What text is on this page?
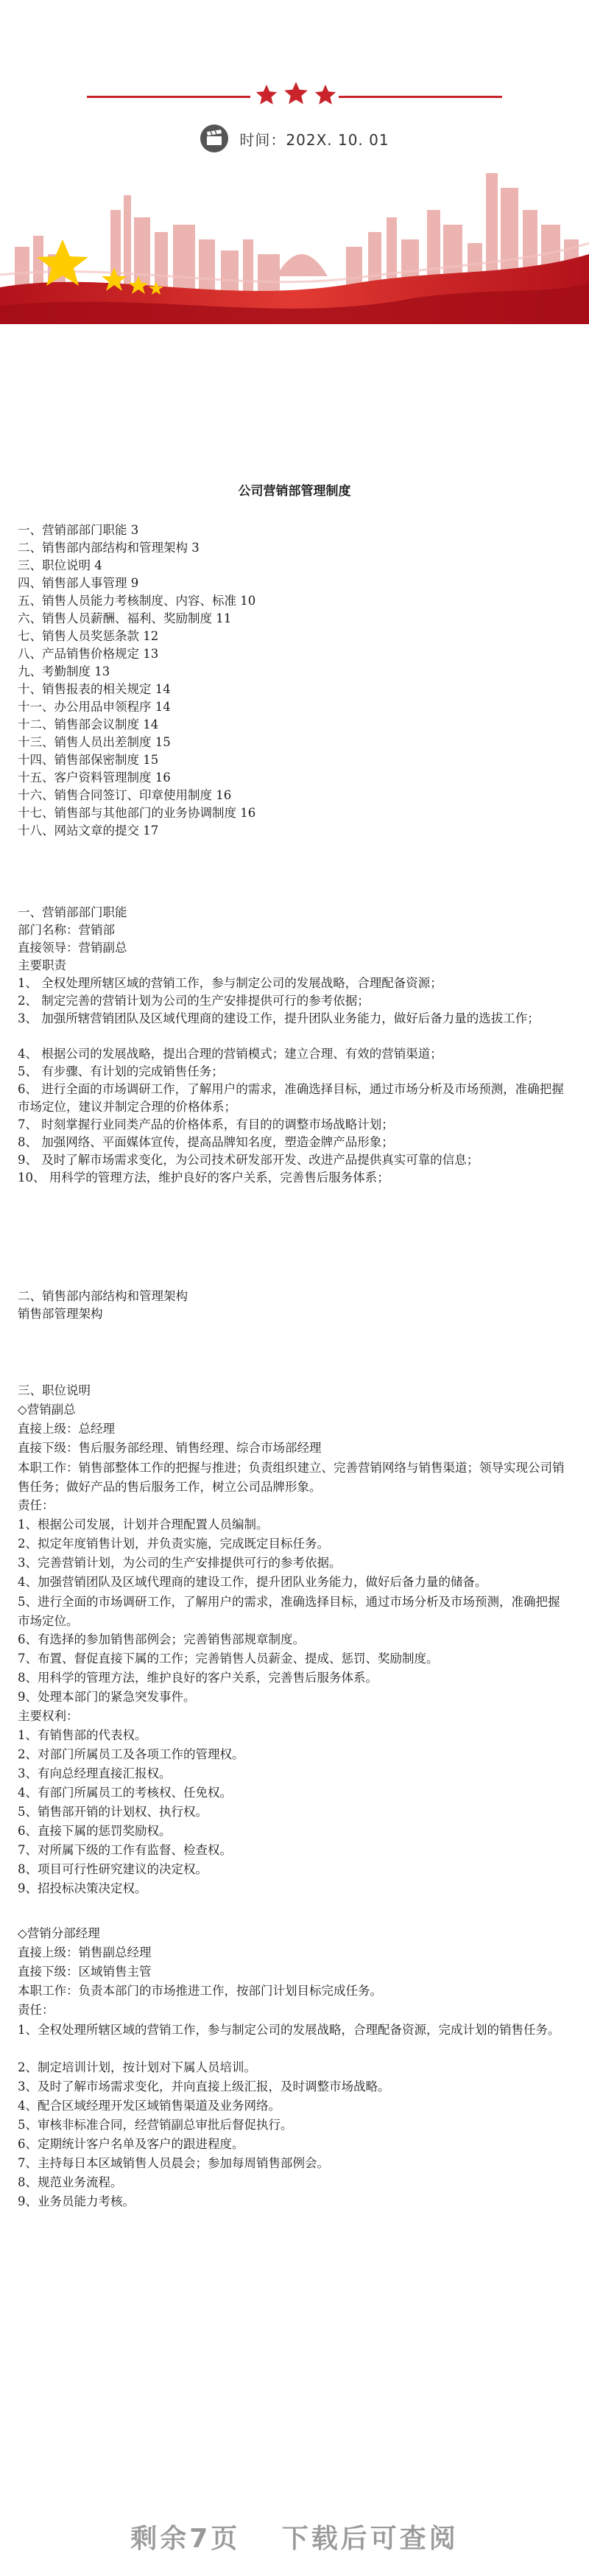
时间：202X. 10. 01
公司营销部管理制度
一、营销部部门职能 3
二、销售部内部结构和管理架构 3
三、职位说明 4
四、销售部人事管理 9
五、销售人员能力考核制度、内容、标准 10
六、销售人员薪酬、福利、奖励制度 11
七、销售人员奖惩条款 12
八、产品销售价格规定 13
九、考勤制度 13
十、销售报表的相关规定 14
十一、办公用品申领程序 14
十二、销售部会议制度 14
十三、销售人员出差制度 15
十四、销售部保密制度 15
十五、客户资料管理制度 16
十六、销售合同签订、印章使用制度 16
十七、销售部与其他部门的业务协调制度 16
十八、网站文章的提交 17
一、营销部部门职能
部门名称：营销部
直接领导：营销副总
主要职责
1、 全权处理所辖区域的营销工作，参与制定公司的发展战略，合理配备资源；
2、 制定完善的营销计划为公司的生产安排提供可行的参考依据；
3、 加强所辖营销团队及区域代理商的建设工作，提升团队业务能力，做好后备力量的选拔工作；
4、 根据公司的发展战略，提出合理的营销模式；建立合理、有效的营销渠道；
5、 有步骤、有计划的完成销售任务；
6、 进行全面的市场调研工作，了解用户的需求，准确选择目标，通过市场分析及市场预测，准确把握市场定位，建议并制定合理的价格体系；
7、 时刻掌握行业同类产品的价格体系，有目的的调整市场战略计划；
8、 加强网络、平面媒体宣传，提高品牌知名度，塑造金牌产品形象；
9、 及时了解市场需求变化，为公司技术研发部开发、改进产品提供真实可靠的信息；
10、 用科学的管理方法，维护良好的客户关系，完善售后服务体系；
二、销售部内部结构和管理架构
销售部管理架构
三、职位说明
◇营销副总
直接上级：总经理
直接下级：售后服务部经理、销售经理、综合市场部经理
本职工作：销售部整体工作的把握与推进；负责组织建立、完善营销网络与销售渠道；领导实现公司销售任务；做好产品的售后服务工作，树立公司品牌形象。
责任：
1、根据公司发展，计划并合理配置人员编制。
2、拟定年度销售计划，并负责实施，完成既定目标任务。
3、完善营销计划，为公司的生产安排提供可行的参考依据。
4、加强营销团队及区域代理商的建设工作，提升团队业务能力，做好后备力量的储备。
5、进行全面的市场调研工作，了解用户的需求，准确选择目标，通过市场分析及市场预测，准确把握市场定位。
6、有选择的参加销售部例会；完善销售部规章制度。
7、布置、督促直接下属的工作；完善销售人员薪金、提成、惩罚、奖励制度。
8、用科学的管理方法，维护良好的客户关系，完善售后服务体系。
9、处理本部门的紧急突发事件。
主要权利：
1、有销售部的代表权。
2、对部门所属员工及各项工作的管理权。
3、有向总经理直接汇报权。
4、有部门所属员工的考核权、任免权。
5、销售部开销的计划权、执行权。
6、直接下属的惩罚奖励权。
7、对所属下级的工作有监督、检查权。
8、项目可行性研究建议的决定权。
9、招投标决策决定权。
◇营销分部经理
直接上级：销售副总经理
直接下级：区域销售主管
本职工作：负责本部门的市场推进工作，按部门计划目标完成任务。
责任：
1、全权处理所辖区域的营销工作，参与制定公司的发展战略，合理配备资源，完成计划的销售任务。
2、制定培训计划，按计划对下属人员培训。
3、及时了解市场需求变化，并向直接上级汇报，及时调整市场战略。
4、配合区域经理开发区域销售渠道及业务网络。
5、审核非标准合同，经营销副总审批后督促执行。
6、定期统计客户名单及客户的跟进程度。
7、主持每日本区域销售人员晨会；参加每周销售部例会。
8、规范业务流程。
9、业务员能力考核。
剩余7页　 下载后可查阅
